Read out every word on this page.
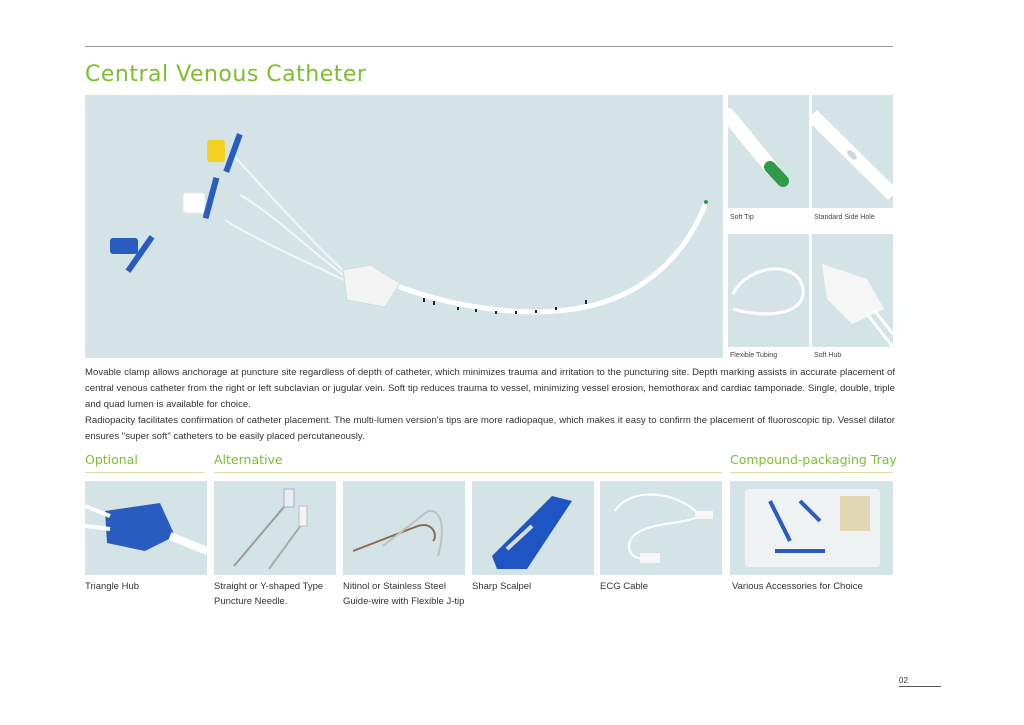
Central Venous Catheter
Soft Tip	Standard Side Hole
Flexible Tubing	Soft Hub

Movable clamp allows anchorage at puncture site regardless of depth of catheter, which minimizes trauma and irritation to the puncturing site. Depth marking assists in accurate placement of central venous catheter from the right or left subclavian or jugular vein. Soft tip reduces trauma to vessel, minimizing vessel erosion, hemothorax and cardiac tamponade. Single, double, triple and quad lumen is available for choice.

Radiopacity facilitates confirmation of catheter placement. The multi-lumen version's tips are more radiopaque, which makes it easy to confirm the placement of fluoroscopic tip. Vessel dilator ensures "super soft" catheters to be easily placed percutaneously.

Optional	Alternative	Compound-packaging Tray
Triangle Hub	Straight or Y-shaped Type
Puncture Needle.
Nitinol or Stainless Steel
Guide-wire with Flexible J-tip
Sharp Scalpel	ECG Cable	Various Accessories for Choice
02
